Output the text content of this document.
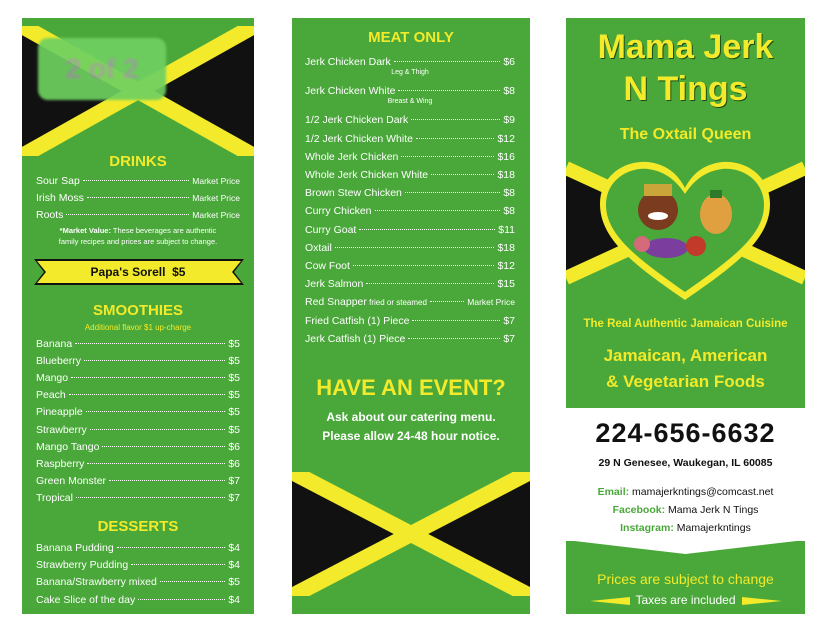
2 of 2
DRINKS
Sour Sap	Market Price
Irish Moss	Market Price
Roots	Market Price
*Market Value: These beverages are authentic
family recipes and prices are subject to change.
Papa's Sorell $5
SMOOTHIES
Additional flavor $1 up-charge
Banana	$5
Blueberry	$5
Mango	$5
Peach	$5
Pineapple	$5
Strawberry	$5
Mango Tango	$6
Raspberry	$6
Green Monster	$7
Tropical	$7
DESSERTS
Banana Pudding	$4
Strawberry Pudding	$4
Banana/Strawberry mixed	$5
Cake Slice of the day	$4
MEAT ONLY
Jerk Chicken Dark	$6
Leg & Thigh
Jerk Chicken White	$8
Breast & Wing
1/2 Jerk Chicken Dark	$9
1/2 Jerk Chicken White	$12
Whole Jerk Chicken	$16
Whole Jerk Chicken White	$18
Brown Stew Chicken	$8
Curry Chicken	$8
Curry Goat	$11
Oxtail	$18
Cow Foot	$12
Jerk Salmon	$15
Red Snapper fried or steamed	Market Price
Fried Catfish (1) Piece	$7
Jerk Catfish (1) Piece	$7
HAVE AN EVENT?
Ask about our catering menu.
Please allow 24-48 hour notice.
Mama Jerk
N Tings
The Oxtail Queen
The Real Authentic Jamaican Cuisine
Jamaican, American
& Vegetarian Foods
224-656-6632
29 N Genesee, Waukegan, IL 60085
Email: mamajerkntings@comcast.net
Facebook: Mama Jerk N Tings
Instagram: Mamajerkntings
Prices are subject to change
Taxes are included
